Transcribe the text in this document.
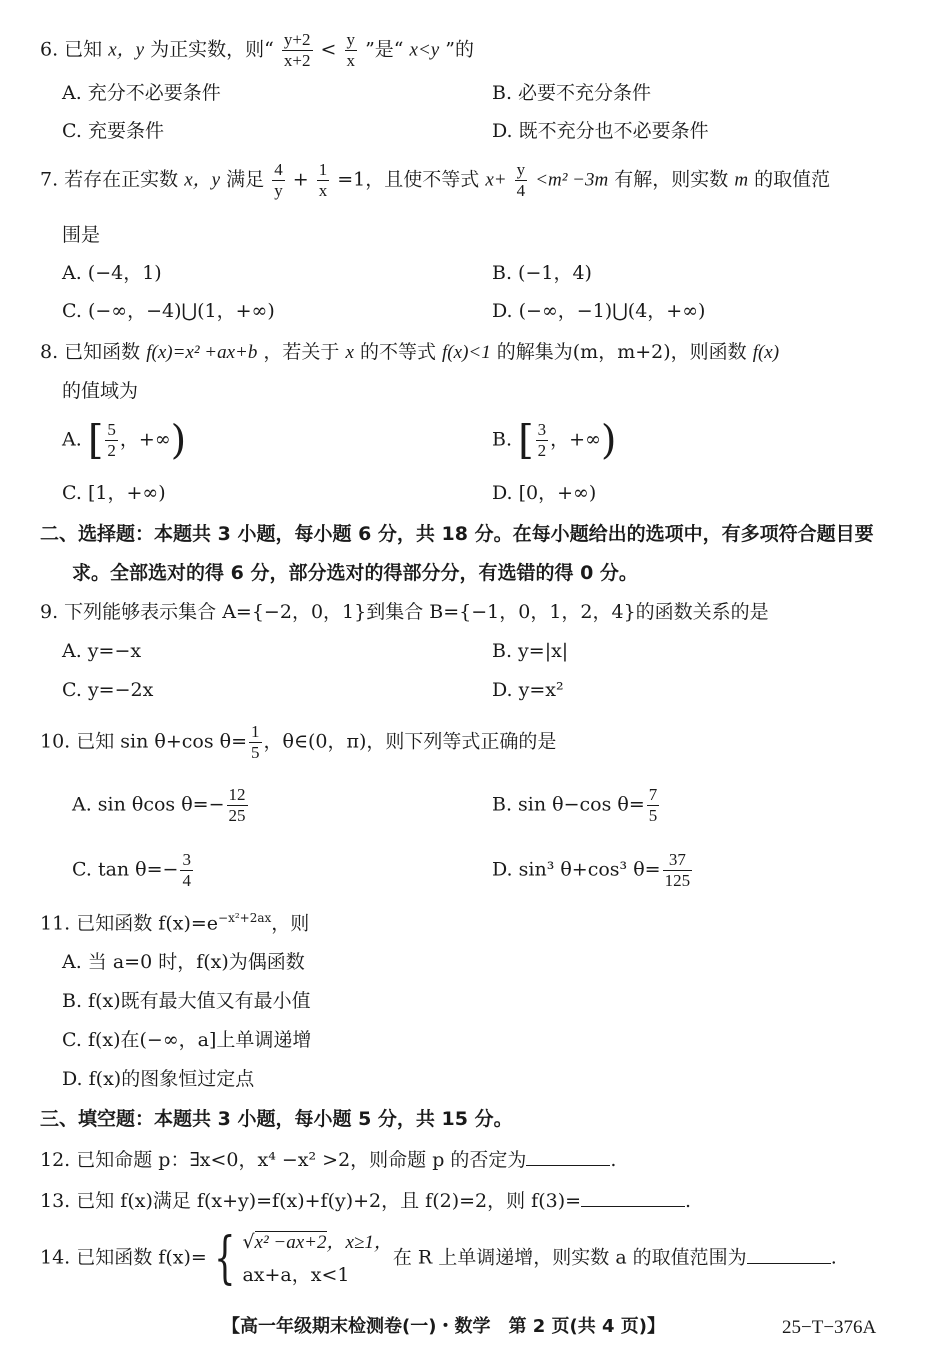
6. 已知 x，y 为正实数，则“ $\frac{y+2}{x+2} < \frac{y}{x}$ ”是“ x<y ”的
A. 充分不必要条件	B. 必要不充分条件
C. 充要条件	D. 既不充分也不必要条件
7. 若存在正实数 x，y 满足 $\frac{4}{y} + \frac{1}{x} =1$，且使不等式 $x+ \frac{y}{4} <m^2 -3m$ 有解，则实数 m 的取值范
围是
A. (−4，1)	B. (−1，4)
C. (−∞，−4)⋃(1，+∞)	D. (−∞，−1)⋃(4，+∞)
8. 已知函数 f(x)=x² +ax+b ，若关于 x 的不等式 f(x)<1 的解集为(m，m+2)，则函数 f(x)
的值域为
A. [ $\frac{5}{2}$ ，+∞)	B. [ $\frac{3}{2}$ ，+∞)
C. [1，+∞)	D. [0，+∞)
二、选择题：本题共 3 小题，每小题 6 分，共 18 分。在每小题给出的选项中，有多项符合题目要
求。全部选对的得 6 分，部分选对的得部分分，有选错的得 0 分。
9. 下列能够表示集合 A={−2，0，1}到集合 B={−1，0，1，2，4}的函数关系的是
A. y=−x	B. y=|x|
C. y=−2x	D. y=x²
10. 已知 sin θ+cos $\theta= \frac{1}{5}$ ，θ∈(0，π)，则下列等式正确的是
A. sin θcos $\theta=- \frac{12}{25}$	B. sin θ−cos $\theta= \frac{7}{5}$
C. $\tan \theta=- \frac{3}{4}$	D. sin³ θ+cos³ $\theta= \frac{37}{125}$
11. 已知函数 $f(x)=e^{-x^2+2ax}$，则
A. 当 a=0 时，f(x)为偶函数
B. f(x)既有最大值又有最小值
C. f(x)在(−∞，a]上单调递增
D. f(x)的图象恒过定点
三、填空题：本题共 3 小题，每小题 5 分，共 15 分。
12. 已知命题 p：∃x<0，x⁴ −x² >2，则命题 p 的否定为	.
13. 已知 f(x)满足 f(x+y)=f(x)+f(y)+2，且 f(2)=2，则 f(3)=	.
14. 已知函数 f(x)= { √x² −ax+2，x≥1，
ax+a，x<1
在 R 上单调递增，则实数 a 的取值范围为	.
【高一年级期末检测卷(一)・数学　第 2 页(共 4 页)】	25−T−376A
